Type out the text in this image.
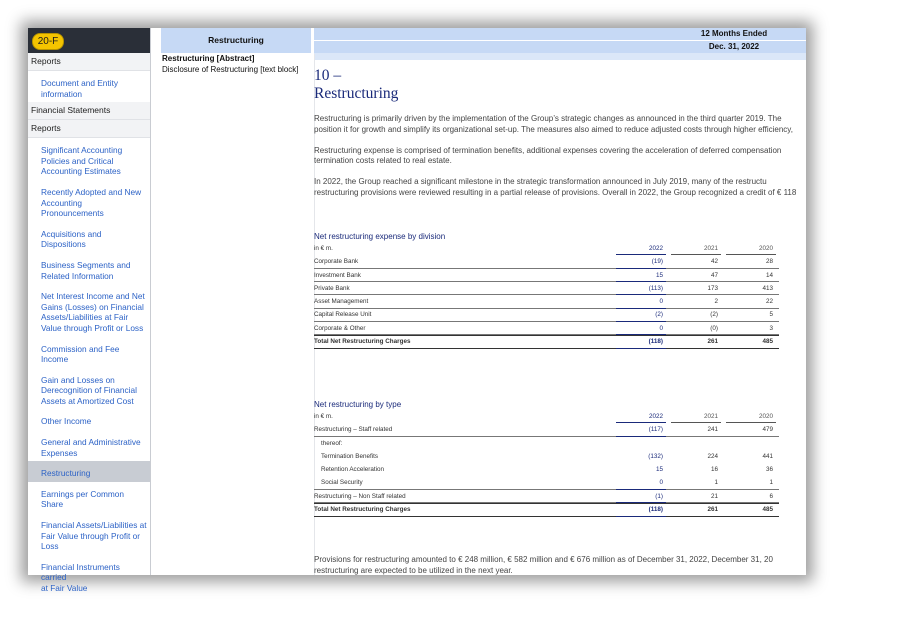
20-F
Reports
Document and Entity
information
Financial Statements
Reports
Significant Accounting
Policies and Critical
Accounting Estimates
Recently Adopted and New
Accounting
Pronouncements
Acquisitions and
Dispositions
Business Segments and
Related Information
Net Interest Income and Net
Gains (Losses) on Financial
Assets/Liabilities at Fair
Value through Profit or Loss
Commission and Fee
Income
Gain and Losses on
Derecognition of Financial
Assets at Amortized Cost
Other Income
General and Administrative
Expenses
Restructuring
Earnings per Common Share
Financial Assets/Liabilities at
Fair Value through Profit or
Loss
Financial Instruments carried
at Fair Value
Restructuring
12 Months Ended
Dec. 31, 2022
Restructuring [Abstract]
Disclosure of Restructuring [text block] 10 –
Restructuring
Restructuring is primarily driven by the implementation of the Group’s strategic changes as announced in the third quarter 2019. The
position it for growth and simplify its organizational set-up. The measures also aimed to reduce adjusted costs through higher efficiency,
Restructuring expense is comprised of termination benefits, additional expenses covering the acceleration of deferred compensation
termination costs related to real estate.
In 2022, the Group reached a significant milestone in the strategic transformation announced in July 2019, many of the restructu
restructuring provisions were reviewed resulting in a partial release of provisions. Overall in 2022, the Group recognized a credit of € 118
Net restructuring expense by division
in € m.	2022	2021	2020
Corporate Bank	(19)	42	28
Investment Bank	15	47	14
Private Bank	(113)	173	413
Asset Management	0	2	22
Capital Release Unit	(2)	(2)	5
Corporate & Other	0	(0)	3
Total Net Restructuring Charges	(118)	261	485
Net restructuring by type
in € m.	2022	2021	2020
Restructuring – Staff related	(117)	241	479
thereof:
Termination Benefits	(132)	224	441
Retention Acceleration	15	16	36
Social Security	0	1	1
Restructuring – Non Staff related	(1)	21	6
Total Net Restructuring Charges	(118)	261	485
Provisions for restructuring amounted to € 248 million, € 582 million and € 676 million as of December 31, 2022, December 31, 20
restructuring are expected to be utilized in the next year.
